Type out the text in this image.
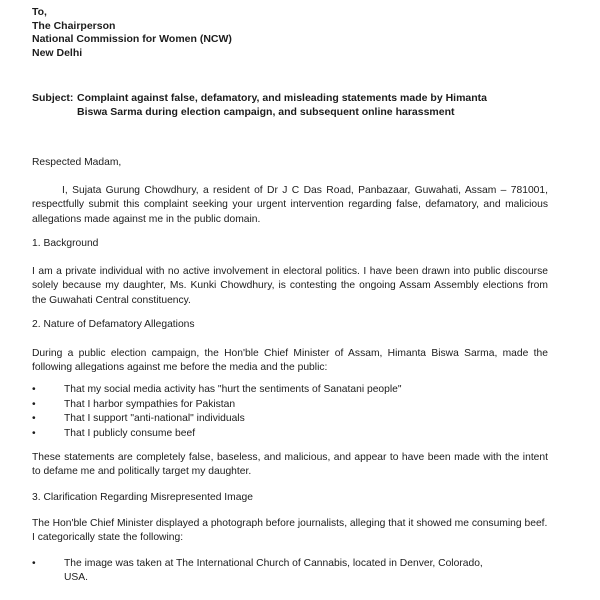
To,
The Chairperson
National Commission for Women (NCW)
New Delhi
Subject: Complaint against false, defamatory, and misleading statements made by Himanta Biswa Sarma during election campaign, and subsequent online harassment
Respected Madam,
I, Sujata Gurung Chowdhury, a resident of Dr J C Das Road, Panbazaar, Guwahati, Assam – 781001, respectfully submit this complaint seeking your urgent intervention regarding false, defamatory, and malicious allegations made against me in the public domain.
1. Background
I am a private individual with no active involvement in electoral politics. I have been drawn into public discourse solely because my daughter, Ms. Kunki Chowdhury, is contesting the ongoing Assam Assembly elections from the Guwahati Central constituency.
2. Nature of Defamatory Allegations
During a public election campaign, the Hon'ble Chief Minister of Assam, Himanta Biswa Sarma, made the following allegations against me before the media and the public:
•	That my social media activity has "hurt the sentiments of Sanatani people"
•	That I harbor sympathies for Pakistan
•	That I support "anti-national" individuals
•	That I publicly consume beef
These statements are completely false, baseless, and malicious, and appear to have been made with the intent to defame me and politically target my daughter.
3. Clarification Regarding Misrepresented Image
The Hon'ble Chief Minister displayed a photograph before journalists, alleging that it showed me consuming beef. I categorically state the following:
•	The image was taken at The International Church of Cannabis, located in Denver, Colorado, USA.
